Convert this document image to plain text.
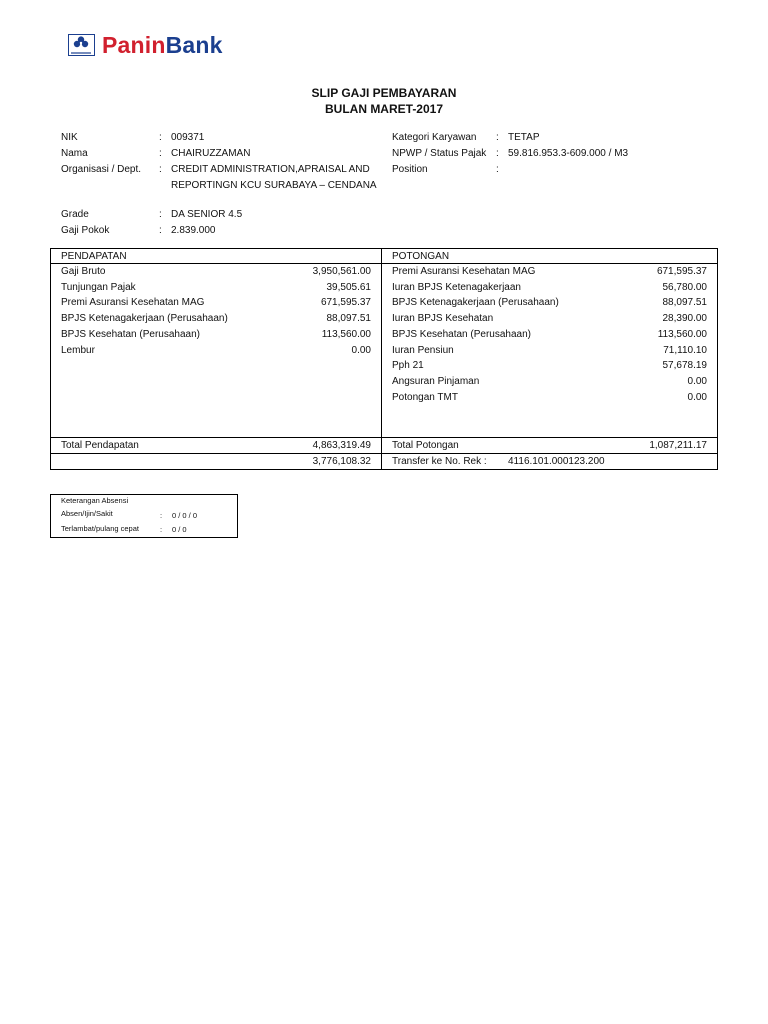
PaninBank
SLIP GAJI PEMBAYARAN
BULAN MARET-2017
NIK	: 009371
Nama	: CHAIRUZZAMAN
Organisasi / Dept. : CREDIT ADMINISTRATION,APRAISAL AND
REPORTINGN KCU SURABAYA – CENDANA
Kategori Karyawan : TETAP
NPWP / Status Pajak : 59.816.953.3-609.000 / M3
Position	:
Grade	: DA SENIOR 4.5
Gaji Pokok	: 2.839.000
PENDAPATAN	POTONGAN
Gaji Bruto	3,950,561.00
Tunjungan Pajak	39,505.61
Premi Asuransi Kesehatan MAG	671,595.37
BPJS Ketenagakerjaan (Perusahaan)	88,097.51
BPJS Kesehatan (Perusahaan)	113,560.00
Lembur	0.00
Premi Asuransi Kesehatan MAG	671,595.37
Iuran BPJS Ketenagakerjaan	56,780.00
BPJS Ketenagakerjaan (Perusahaan)	88,097.51
Iuran BPJS Kesehatan	28,390.00
BPJS Kesehatan (Perusahaan)	113,560.00
Iuran Pensiun	71,110.10
Pph 21	57,678.19
Angsuran Pinjaman	0.00
Potongan TMT	0.00
Total Pendapatan	4,863,319.49 Total Potongan	1,087,211.17
3,776,108.32 Transfer ke No. Rek : 4116.101.000123.200
Keterangan Absensi
Absen/Ijin/Sakit	: 0 / 0 / 0
Terlambat/pulang cepat	: 0 / 0
